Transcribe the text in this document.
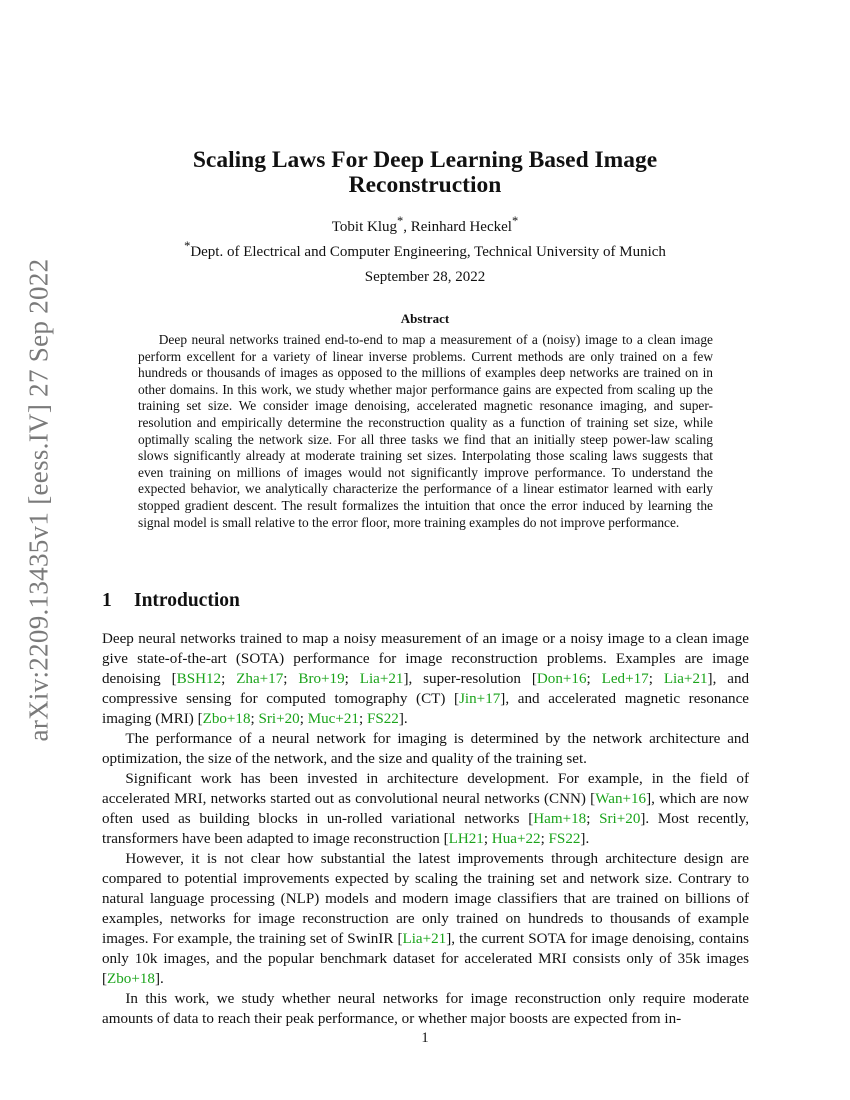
arXiv:2209.13435v1 [eess.IV] 27 Sep 2022
Scaling Laws For Deep Learning Based Image
Reconstruction
Tobit Klug*, Reinhard Heckel*
*Dept. of Electrical and Computer Engineering, Technical University of Munich
September 28, 2022
Abstract

Deep neural networks trained end-to-end to map a measurement of a (noisy) image to a clean image perform excellent for a variety of linear inverse problems. Current methods are only trained on a few hundreds or thousands of images as opposed to the millions of examples deep networks are trained on in other domains. In this work, we study whether major performance gains are expected from scaling up the training set size. We consider image denoising, accelerated magnetic resonance imaging, and super-resolution and empirically determine the reconstruction quality as a function of training set size, while optimally scaling the network size. For all three tasks we find that an initially steep power-law scaling slows significantly already at moderate training set sizes. Interpolating those scaling laws suggests that even training on millions of images would not significantly improve performance. To understand the expected behavior, we analytically characterize the performance of a linear estimator learned with early stopped gradient descent. The result formalizes the intuition that once the error induced by learning the signal model is small relative to the error floor, more training examples do not improve performance.

1 Introduction

Deep neural networks trained to map a noisy measurement of an image or a noisy image to a clean image give state-of-the-art (SOTA) performance for image reconstruction problems. Examples are image denoising [BSH12; Zha+17; Bro+19; Lia+21], super-resolution [Don+16; Led+17; Lia+21], and compressive sensing for computed tomography (CT) [Jin+17], and accelerated magnetic resonance imaging (MRI) [Zbo+18; Sri+20; Muc+21; FS22].

The performance of a neural network for imaging is determined by the network architecture and optimization, the size of the network, and the size and quality of the training set.

Significant work has been invested in architecture development. For example, in the field of accelerated MRI, networks started out as convolutional neural networks (CNN) [Wan+16], which are now often used as building blocks in un-rolled variational networks [Ham+18; Sri+20]. Most recently, transformers have been adapted to image reconstruction [LH21; Hua+22; FS22].

However, it is not clear how substantial the latest improvements through architecture design are compared to potential improvements expected by scaling the training set and network size. Contrary to natural language processing (NLP) models and modern image classifiers that are trained on billions of examples, networks for image reconstruction are only trained on hundreds to thousands of example images. For example, the training set of SwinIR [Lia+21], the current SOTA for image denoising, contains only 10k images, and the popular benchmark dataset for accelerated MRI consists only of 35k images [Zbo+18].

In this work, we study whether neural networks for image reconstruction only require moderate amounts of data to reach their peak performance, or whether major boosts are expected from in-

1
